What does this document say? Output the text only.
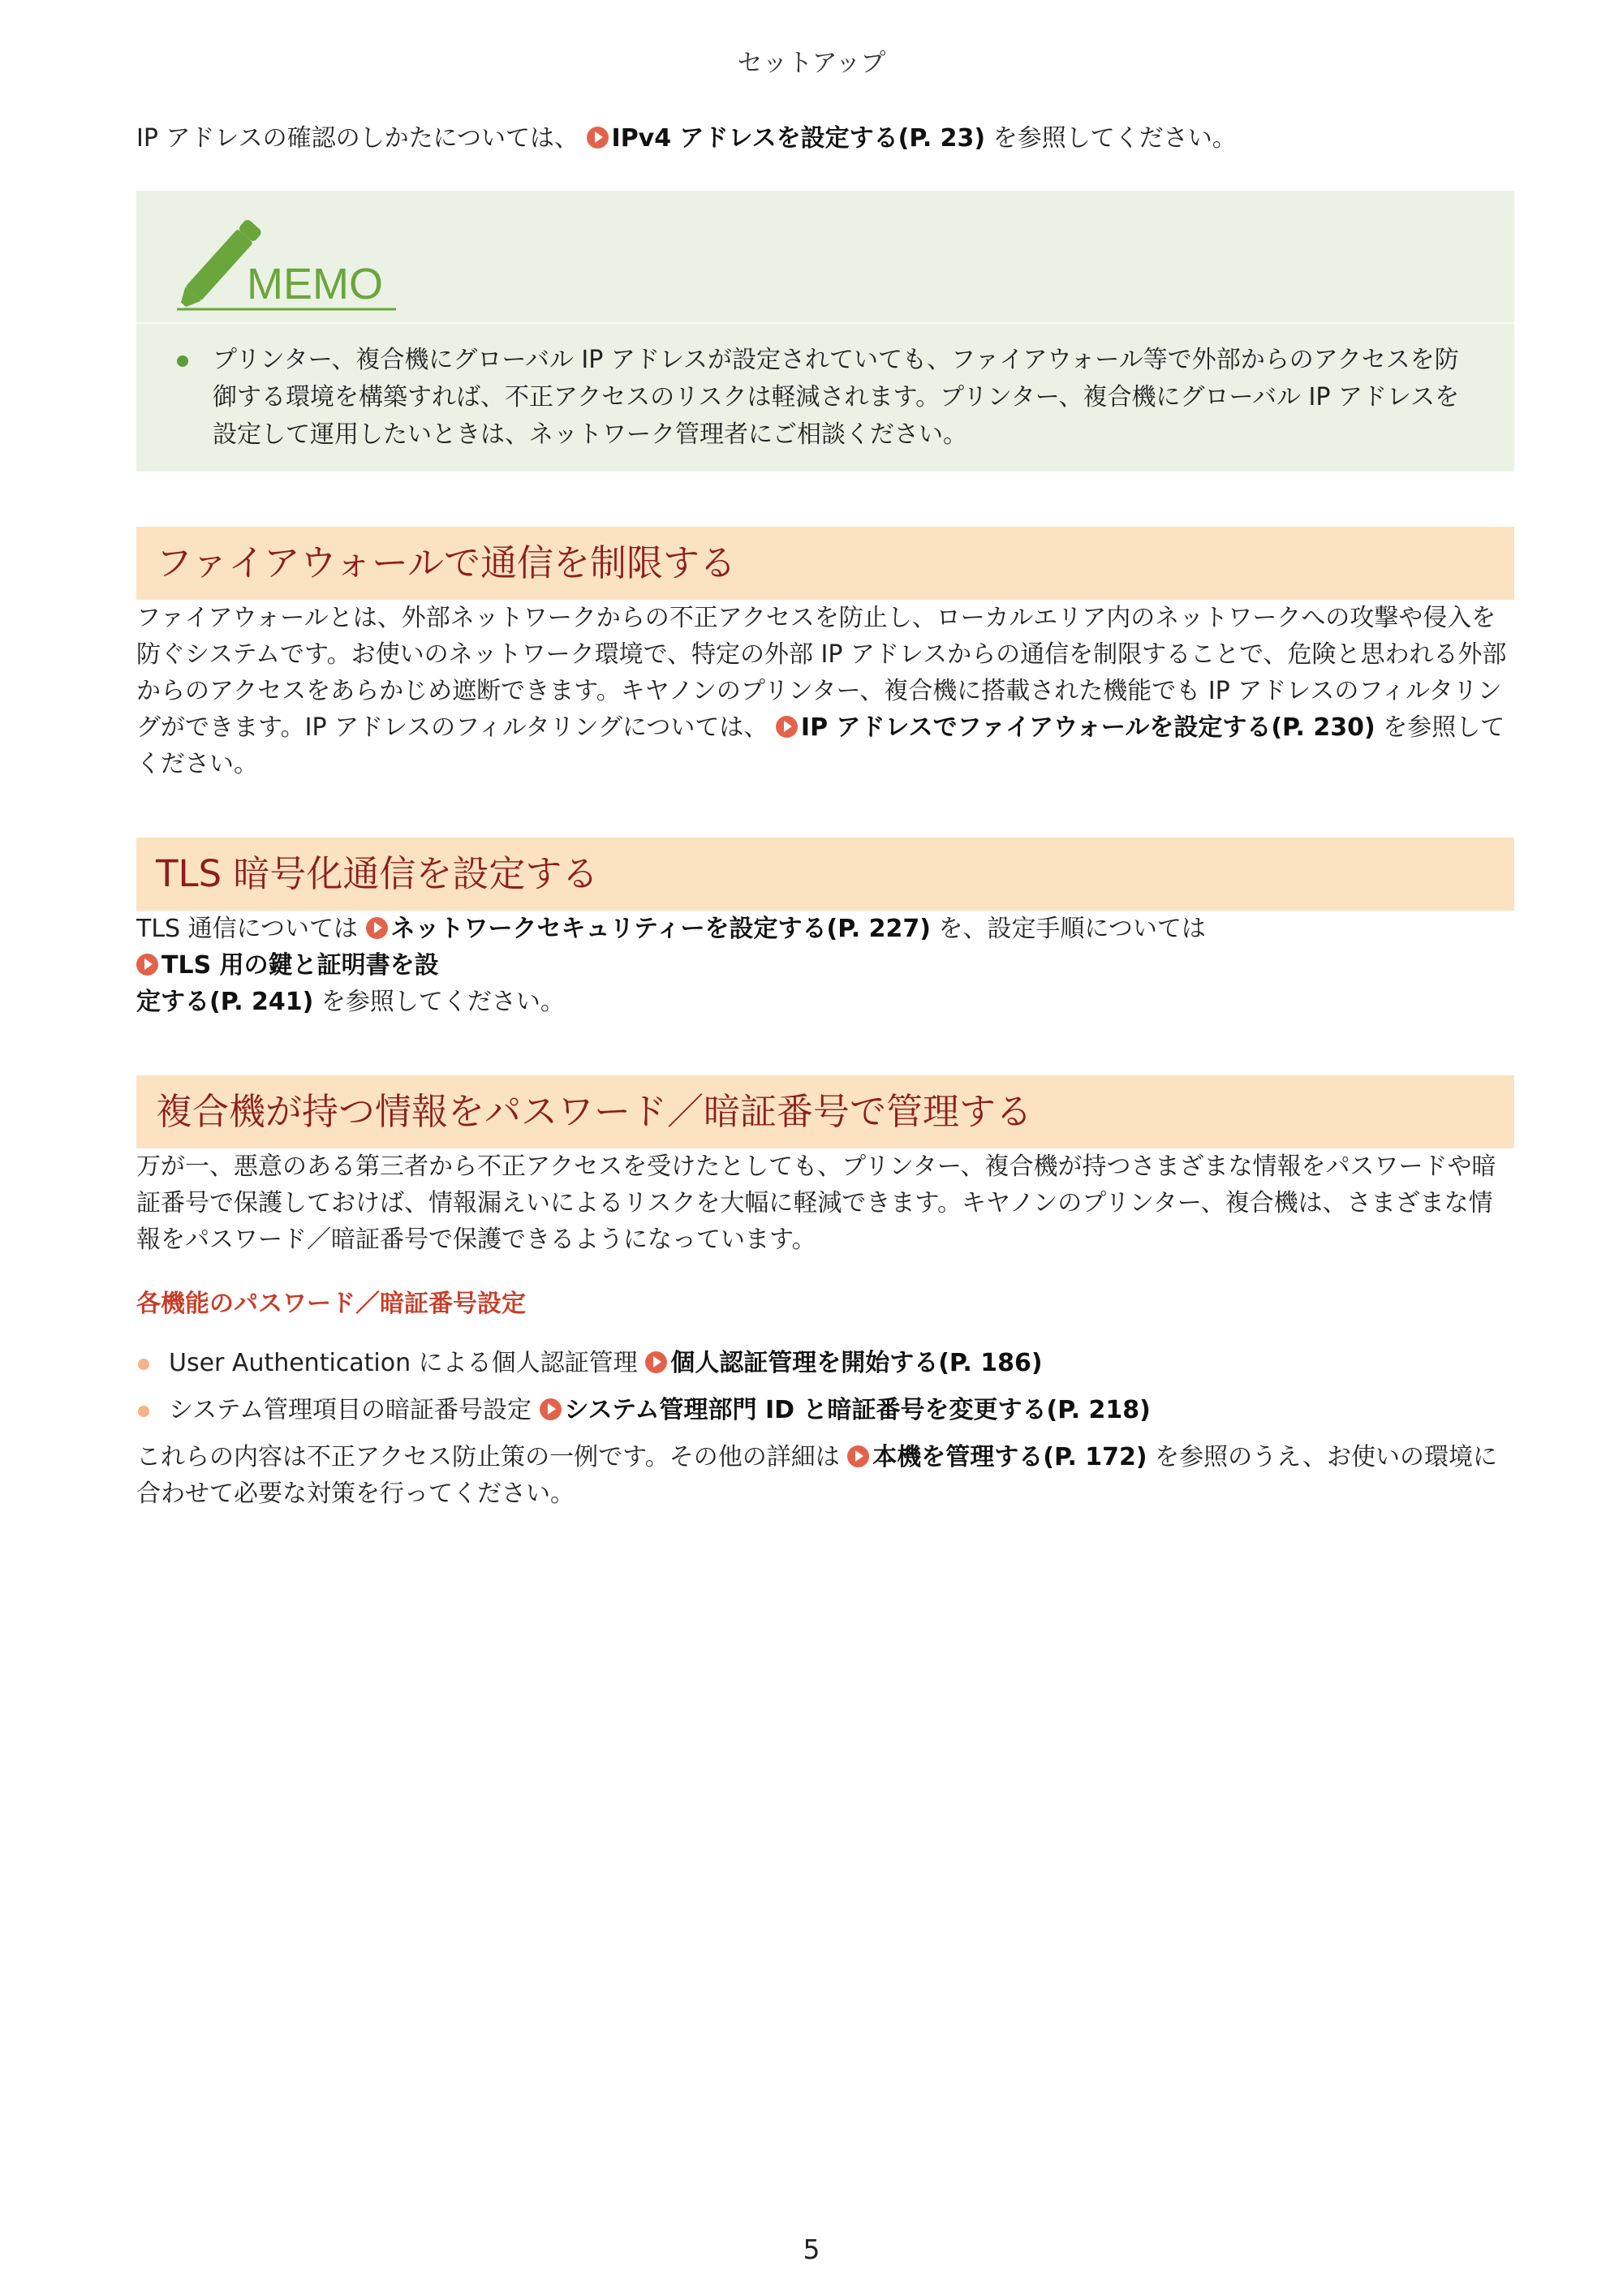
セットアップ

IP アドレスの確認のしかたについては、 IPv4 アドレスを設定する(P. 23) を参照してください。

MEMO
プリンター、複合機にグローバル IP アドレスが設定されていても、ファイアウォール等で外部からのアクセスを防御する環境を構築すれば、不正アクセスのリスクは軽減されます。プリンター、複合機にグローバル IP アドレスを設定して運用したいときは、ネットワーク管理者にご相談ください。
ファイアウォールで通信を制限する

ファイアウォールとは、外部ネットワークからの不正アクセスを防止し、ローカルエリア内のネットワークへの攻撃や侵入を防ぐシステムです。お使いのネットワーク環境で、特定の外部 IP アドレスからの通信を制限することで、危険と思われる外部からのアクセスをあらかじめ遮断できます。キヤノンのプリンター、複合機に搭載された機能でも IP アドレスのフィルタリングができます。IP アドレスのフィルタリングについては、 IP アドレスでファイアウォールを設定する(P. 230) を参照してください。

TLS 暗号化通信を設定する

TLS 通信については ネットワークセキュリティーを設定する(P. 227) を、設定手順については TLS 用の鍵と証明書を設
定する(P. 241) を参照してください。

複合機が持つ情報をパスワード／暗証番号で管理する

万が一、悪意のある第三者から不正アクセスを受けたとしても、プリンター、複合機が持つさまざまな情報をパスワードや暗証番号で保護しておけば、情報漏えいによるリスクを大幅に軽減できます。キヤノンのプリンター、複合機は、さまざまな情報をパスワード／暗証番号で保護できるようになっています。

各機能のパスワード／暗証番号設定
User Authentication による個人認証管理 個人認証管理を開始する(P. 186)
システム管理項目の暗証番号設定 システム管理部門 ID と暗証番号を変更する(P. 218)

これらの内容は不正アクセス防止策の一例です。その他の詳細は 本機を管理する(P. 172) を参照のうえ、お使いの環境に合わせて必要な対策を行ってください。

5
